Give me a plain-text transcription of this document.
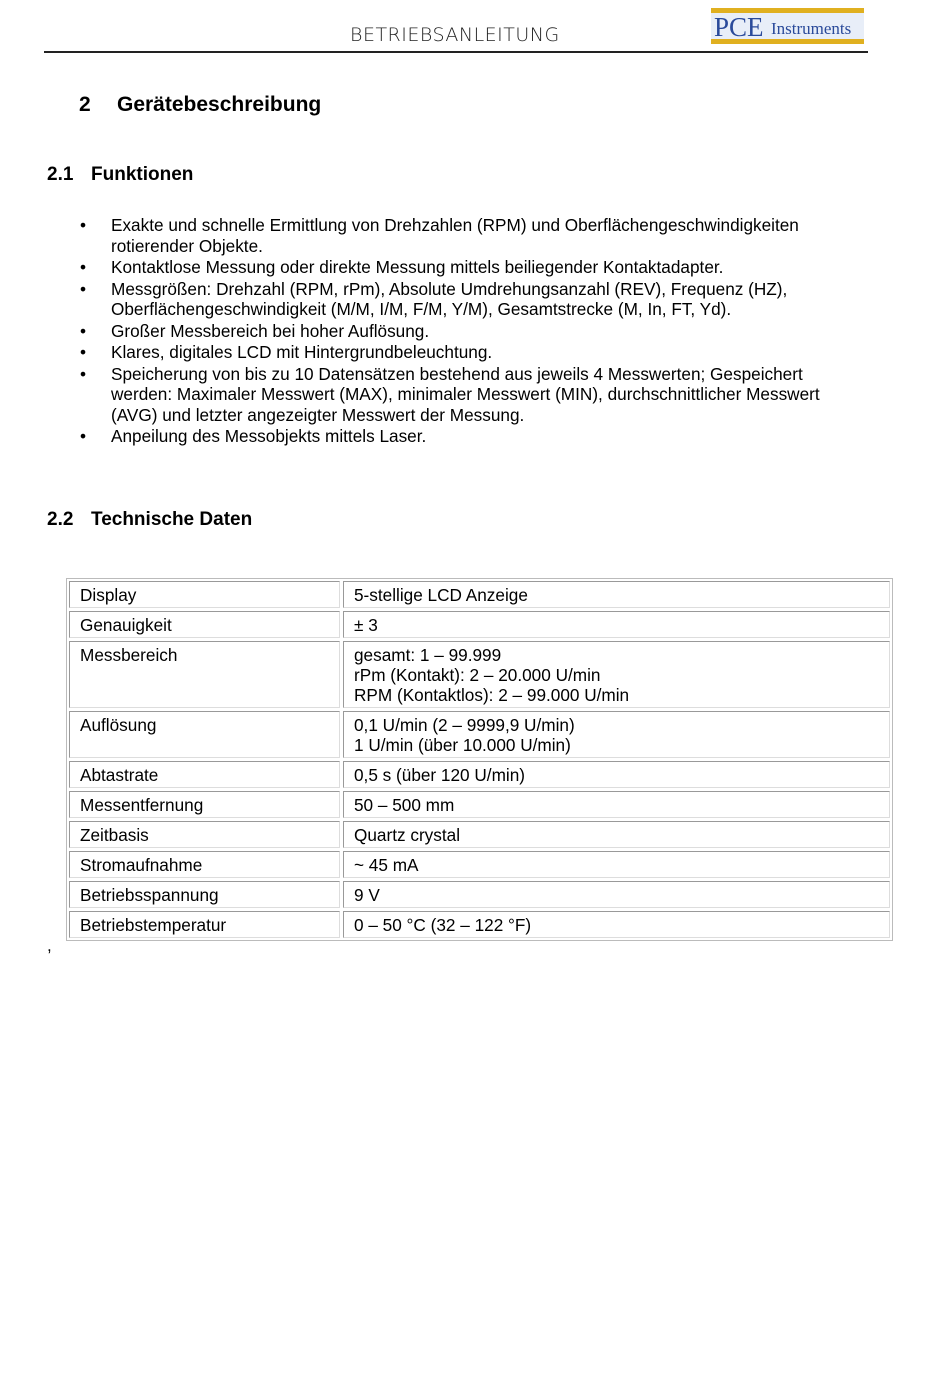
BETRIEBSANLEITUNG	PCE Instruments
2 Gerätebeschreibung
2.1 Funktionen
• Exakte und schnelle Ermittlung von Drehzahlen (RPM) und Oberflächengeschwindigkeiten
rotierender Objekte.
• Kontaktlose Messung oder direkte Messung mittels beiliegender Kontaktadapter.
• Messgrößen: Drehzahl (RPM, rPm), Absolute Umdrehungsanzahl (REV), Frequenz (HZ),
Oberflächengeschwindigkeit (M/M, I/M, F/M, Y/M), Gesamtstrecke (M, In, FT, Yd).
• Großer Messbereich bei hoher Auflösung.
• Klares, digitales LCD mit Hintergrundbeleuchtung.
• Speicherung von bis zu 10 Datensätzen bestehend aus jeweils 4 Messwerten; Gespeichert
werden: Maximaler Messwert (MAX), minimaler Messwert (MIN), durchschnittlicher Messwert
(AVG) und letzter angezeigter Messwert der Messung.
• Anpeilung des Messobjekts mittels Laser.
2.2 Technische Daten
Display	5-stellige LCD Anzeige
Genauigkeit	± 3
Messbereich	gesamt: 1 – 99.999
rPm (Kontakt): 2 – 20.000 U/min
RPM (Kontaktlos): 2 – 99.000 U/min
Auflösung	0,1 U/min (2 – 9999,9 U/min)
1 U/min (über 10.000 U/min)
Abtastrate	0,5 s (über 120 U/min)
Messentfernung	50 – 500 mm
Zeitbasis	Quartz crystal
Stromaufnahme	~ 45 mA
Betriebsspannung	9 V
Betriebstemperatur	0 – 50 °C (32 – 122 °F)
,
